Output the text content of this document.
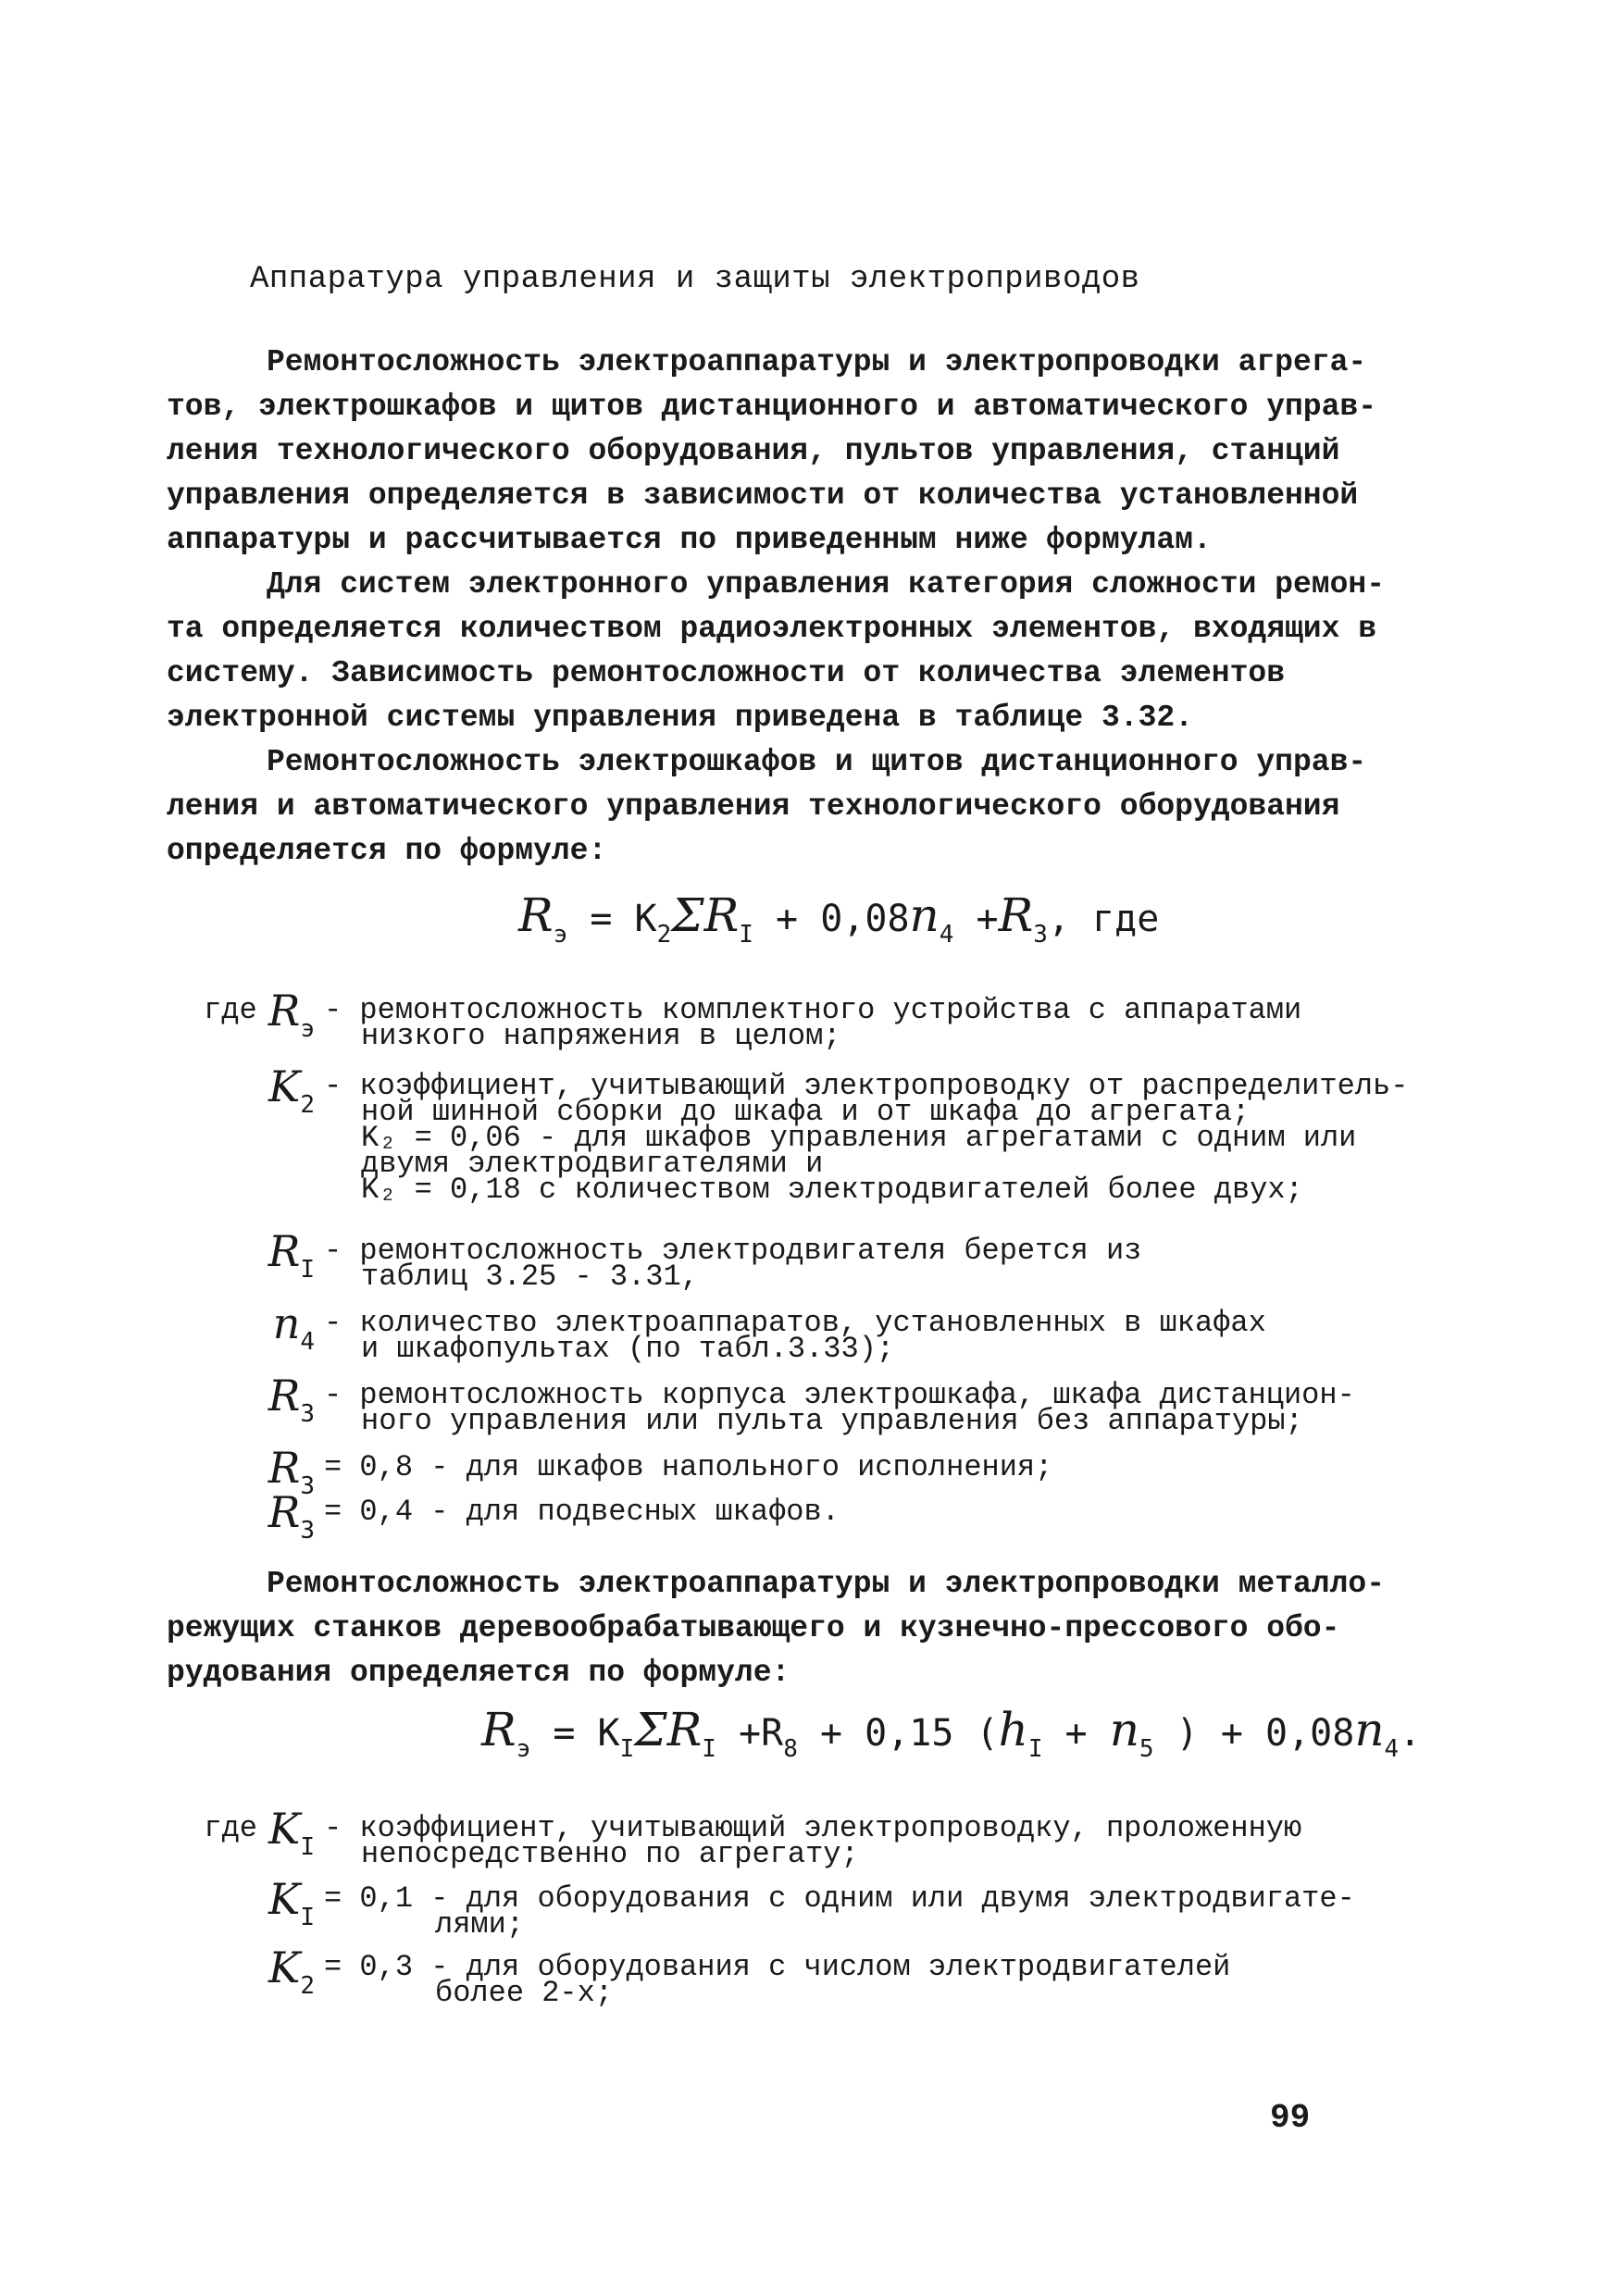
Аппаратура управления и защиты электроприводов
Ремонтосложность электроаппаратуры и электропроводки агрега-
тов, электрошкафов и щитов дистанционного и автоматического управ-
ления технологического оборудования, пультов управления, станций
управления определяется в зависимости от количества установленной
аппаратуры и рассчитывается по приведенным ниже формулам.
Для систем электронного управления категория сложности ремон-
та определяется количеством радиоэлектронных элементов, входящих в
систему. Зависимость ремонтосложности от количества элементов
электронной системы управления приведена в таблице 3.32.
Ремонтосложность электрошкафов и щитов дистанционного управ-
ления и автоматического управления технологического оборудования
определяется по формуле:
$R_э = K_2\Sigma R_I + 0,08n_4 +R_3$, где
где $R_э$
- ремонтосложность комплектного устройства с аппаратами
низкого напряжения в целом;
$K_2$
- коэффициент, учитывающий электропроводку от распределитель-
ной шинной сборки до шкафа и от шкафа до агрегата;
K₂ = 0,06 - для шкафов управления агрегатами с одним или
двумя электродвигателями и
K₂ = 0,18 с количеством электродвигателей более двух;
$R_I$
- ремонтосложность электродвигателя берется из
таблиц 3.25 - 3.31,
$n_4$
- количество электроаппаратов, установленных в шкафах
и шкафопультах (по табл.3.33);
$R_3$
- ремонтосложность корпуса электрошкафа, шкафа дистанцион-
ного управления или пульта управления без аппаратуры;
$R_3$
= 0,8 - для шкафов напольного исполнения;
$R_3$
= 0,4 - для подвесных шкафов.
Ремонтосложность электроаппаратуры и электропроводки металло-
режущих станков деревообрабатывающего и кузнечно-прессового обо-
рудования определяется по формуле:
$R_э = K_I\Sigma R_I +R_8 + 0,15$ ($h_I + n_5$ ) + $0,08n_4$.
где $K_I$
- коэффициент, учитывающий электропроводку, проложенную
непосредственно по агрегату;
$K_I$
= 0,1 - для оборудования с одним или двумя электродвигате-
лями;
$K_2$
= 0,3 - для оборудования с числом электродвигателей
более 2-х;
99
